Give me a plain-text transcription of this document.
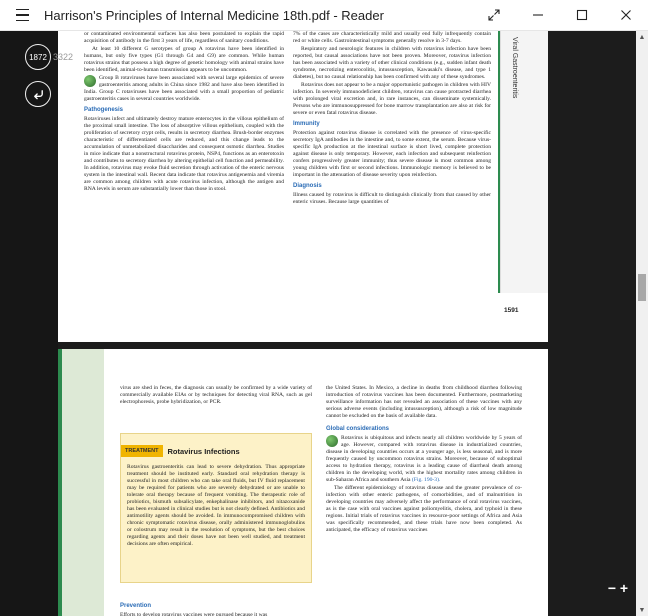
Harrison's Principles of Internal Medicine 18th.pdf - Reader
1872 3322

or contaminated environmental surfaces has also been postulated to explain the rapid acquisition of antibody in the first 3 years of life, regardless of sanitary conditions.

At least 10 different G serotypes of group A rotavirus have been identified in humans, but only five types (G1 through G4 and G9) are common. While human rotavirus strains that possess a high degree of genetic homology with animal strains have been identified, animal-to-human transmission appears to be uncommon.

Group B rotaviruses have been associated with several large epidemics of severe gastroenteritis among adults in China since 1982 and have also been identified in India. Group C rotaviruses have been associated with a small proportion of pediatric gastroenteritis cases in several countries worldwide.

Pathogenesis

Rotaviruses infect and ultimately destroy mature enterocytes in the villous epithelium of the proximal small intestine. The loss of absorptive villous epithelium, coupled with the proliferation of secretory crypt cells, results in secretory diarrhea. Brush-border enzymes characteristic of differentiated cells are reduced, and this change leads to the accumulation of unmetabolized disaccharides and consequent osmotic diarrhea. Studies in mice indicate that a nonstructural rotavirus protein, NSP4, functions as an enterotoxin and contributes to secretory diarrhea by altering epithelial cell function and permeability. In addition, rotavirus may evoke fluid secretion through activation of the enteric nervous system in the intestinal wall. Recent data indicate that rotavirus antigenemia and viremia are common among children with acute rotavirus infection, although the antigen and RNA levels in serum are substantially lower than those in stool.

7% of the cases are characteristically mild and usually end fully infrequently contain red or white cells. Gastrointestinal symptoms generally resolve in 3-7 days.

Respiratory and neurologic features in children with rotavirus infection have been reported, but causal associations have not been proven. Moreover, rotavirus infection has been associated with a variety of other clinical conditions (e.g., sudden infant death syndrome, necrotizing enterocolitis, intussusception, Kawasaki's disease, and type 1 diabetes), but no causal relationship has been confirmed with any of these syndromes.

Rotavirus does not appear to be a major opportunistic pathogen in children with HIV infection. In severely immunodeficient children, rotavirus can cause protracted diarrhea with prolonged viral excretion and, in rare instances, can disseminate systemically. Persons who are immunosuppressed for bone marrow transplantation are also at risk for severe or even fatal rotavirus disease.

Immunity

Protection against rotavirus disease is correlated with the presence of virus-specific secretory IgA antibodies in the intestine and, to some extent, the serum. Because virus-specific IgA production at the intestinal surface is short lived, complete protection against disease is only temporary. However, each infection and subsequent reinfection confers progressively greater immunity; thus severe disease is most common among young children with first or second infections. Immunologic memory is believed to be important in the attenuation of disease severity upon reinfection.

Diagnosis

Illness caused by rotavirus is difficult to distinguish clinically from that caused by other enteric viruses. Because large quantities of

Viral Gastroenteritis
1591

virus are shed in feces, the diagnosis can usually be confirmed by a wide variety of commercially available EIAs or by techniques for detecting viral RNA, such as gel electrophoresis, probe hybridization, or PCR.

TREATMENT	Rotavirus Infections
Rotavirus gastroenteritis can lead to severe dehydration. Thus appropriate treatment should be instituted early. Standard oral rehydration therapy is successful in most children who can take oral fluids, but IV fluid replacement may be required for patients who are severely dehydrated or are unable to tolerate oral therapy because of frequent vomiting. The therapeutic role of probiotics, bismuth subsalicylate, enkephalinase inhibitors, and nitazoxanide has been evaluated in clinical studies but is not clearly defined. Antibiotics and antimotility agents should be avoided. In immunocompromised children with chronic symptomatic rotavirus disease, orally administered immunoglobulins or colostrum may result in the resolution of symptoms, but the best choices regarding agents and their doses have not been well studied, and treatment decisions are often empirical.
Prevention

Efforts to develop rotavirus vaccines were pursued because it was

the United States. In Mexico, a decline in deaths from childhood diarrhea following introduction of rotavirus vaccines has been documented. Furthermore, postmarketing surveillance information has not revealed an association of these vaccines with any serious adverse events (including intussusception), although a risk of low magnitude cannot be excluded on the basis of available data.

Global considerations

Rotavirus is ubiquitous and infects nearly all children worldwide by 5 years of age. However, compared with rotavirus disease in industrialized countries, disease in developing countries occurs at a younger age, is less seasonal, and is more frequently caused by uncommon rotavirus strains. Moreover, because of suboptimal access to hydration therapy, rotavirus is a leading cause of diarrheal death among children in the developing world, with the highest mortality rates among children in sub-Saharan Africa and southern Asia (Fig. 190-3).

The different epidemiology of rotavirus disease and the greater prevalence of co-infection with other enteric pathogens, of comorbidities, and of malnutrition in developing countries may adversely affect the performance of oral rotavirus vaccines, as is the case with oral vaccines against poliomyelitis, cholera, and typhoid in these regions. Initial trials of rotavirus vaccines in resource-poor settings of Africa and Asia was specifically recommended, and these trials have now been completed. As anticipated, the efficacy of rotavirus vaccines

− +
▲
▼
